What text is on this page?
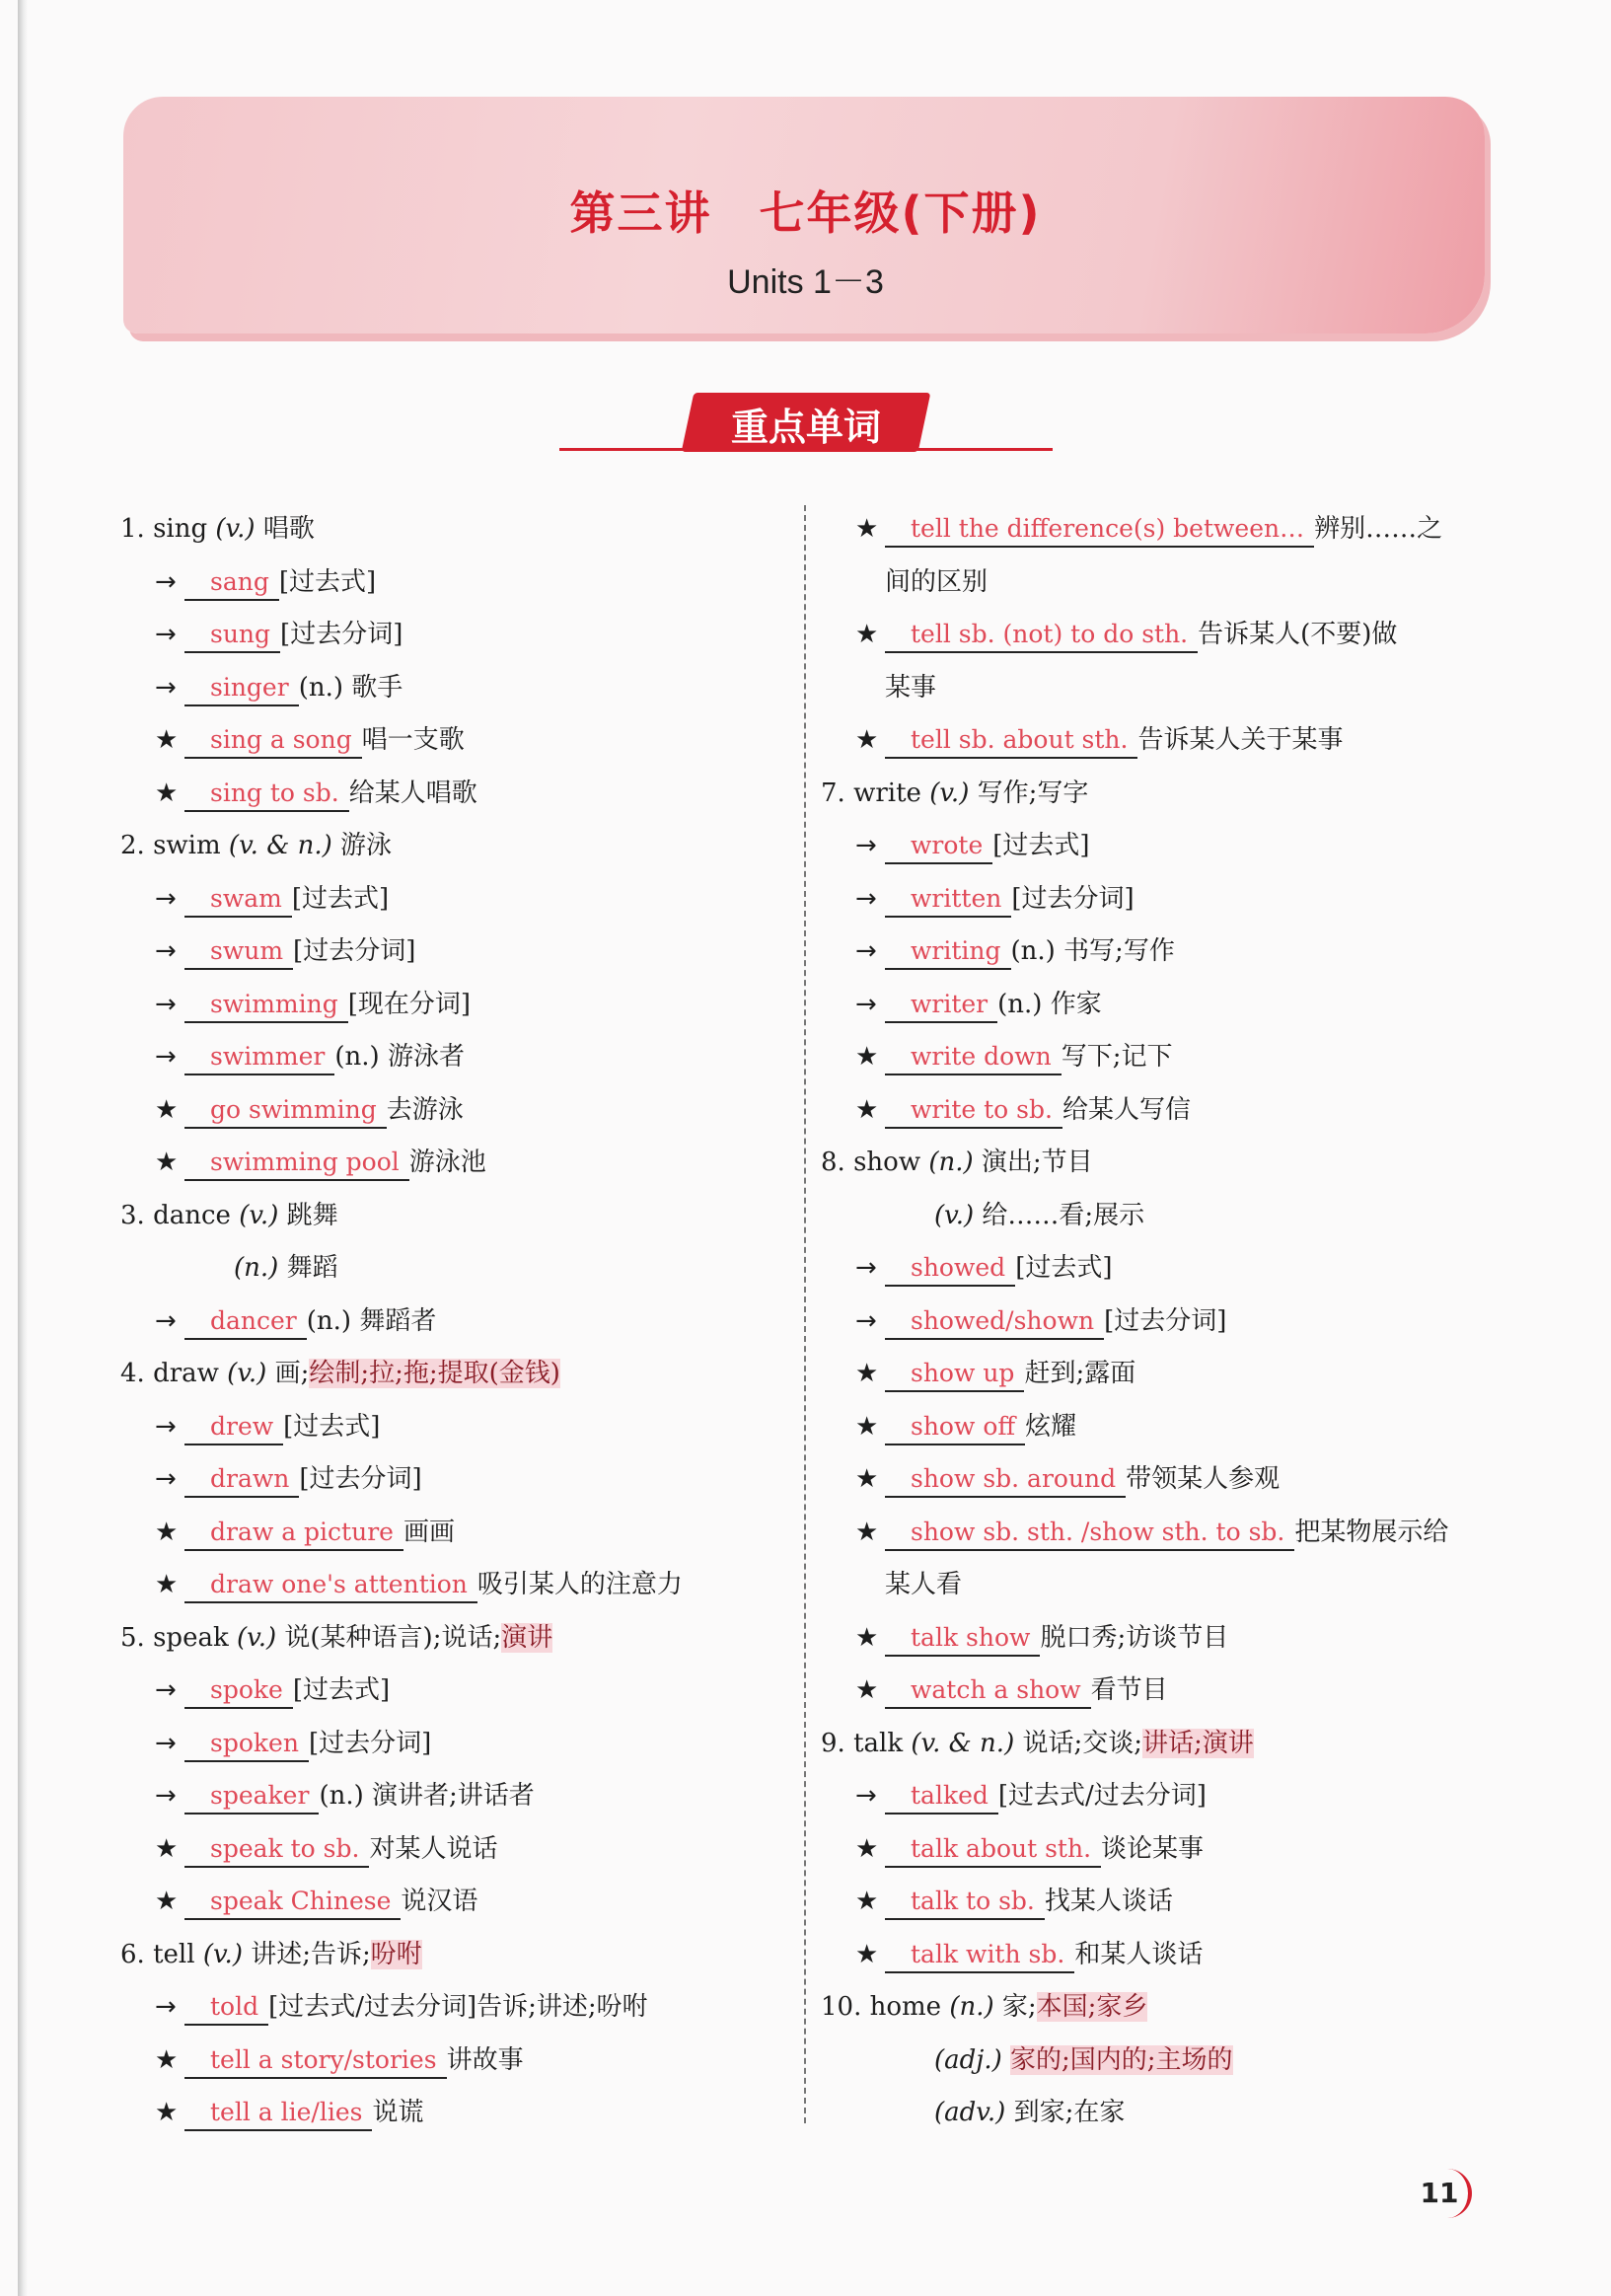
第三讲　七年级(下册)
Units 1－3
重点单词
1. sing (v.) 唱歌
→ sang [过去式]
→ sung [过去分词]
→ singer (n.) 歌手
★ sing a song 唱一支歌
★ sing to sb. 给某人唱歌
2. swim (v. & n.) 游泳
→ swam [过去式]
→ swum [过去分词]
→ swimming [现在分词]
→ swimmer (n.) 游泳者
★ go swimming 去游泳
★ swimming pool 游泳池
3. dance (v.) 跳舞
(n.) 舞蹈
→ dancer (n.) 舞蹈者
4. draw (v.) 画;绘制;拉;拖;提取(金钱)
→ drew [过去式]
→ drawn [过去分词]
★ draw a picture 画画
★ draw one's attention 吸引某人的注意力
5. speak (v.) 说(某种语言);说话;演讲
→ spoke [过去式]
→ spoken [过去分词]
→ speaker (n.) 演讲者;讲话者
★ speak to sb. 对某人说话
★ speak Chinese 说汉语
6. tell (v.) 讲述;告诉;吩咐
→ told [过去式/过去分词]告诉;讲述;吩咐
★ tell a story/stories 讲故事
★ tell a lie/lies 说谎
★ tell the difference(s) between… 辨别……之
间的区别
★ tell sb. (not) to do sth. 告诉某人(不要)做
某事
★ tell sb. about sth. 告诉某人关于某事
7. write (v.) 写作;写字
→ wrote [过去式]
→ written [过去分词]
→ writing (n.) 书写;写作
→ writer (n.) 作家
★ write down 写下;记下
★ write to sb. 给某人写信
8. show (n.) 演出;节目
(v.) 给……看;展示
→ showed [过去式]
→ showed/shown [过去分词]
★ show up 赶到;露面
★ show off 炫耀
★ show sb. around 带领某人参观
★ show sb. sth. /show sth. to sb. 把某物展示给
某人看
★ talk show 脱口秀;访谈节目
★ watch a show 看节目
9. talk (v. & n.) 说话;交谈;讲话;演讲
→ talked [过去式/过去分词]
★ talk about sth. 谈论某事
★ talk to sb. 找某人谈话
★ talk with sb. 和某人谈话
10. home (n.) 家;本国;家乡
(adj.) 家的;国内的;主场的
(adv.) 到家;在家
11
